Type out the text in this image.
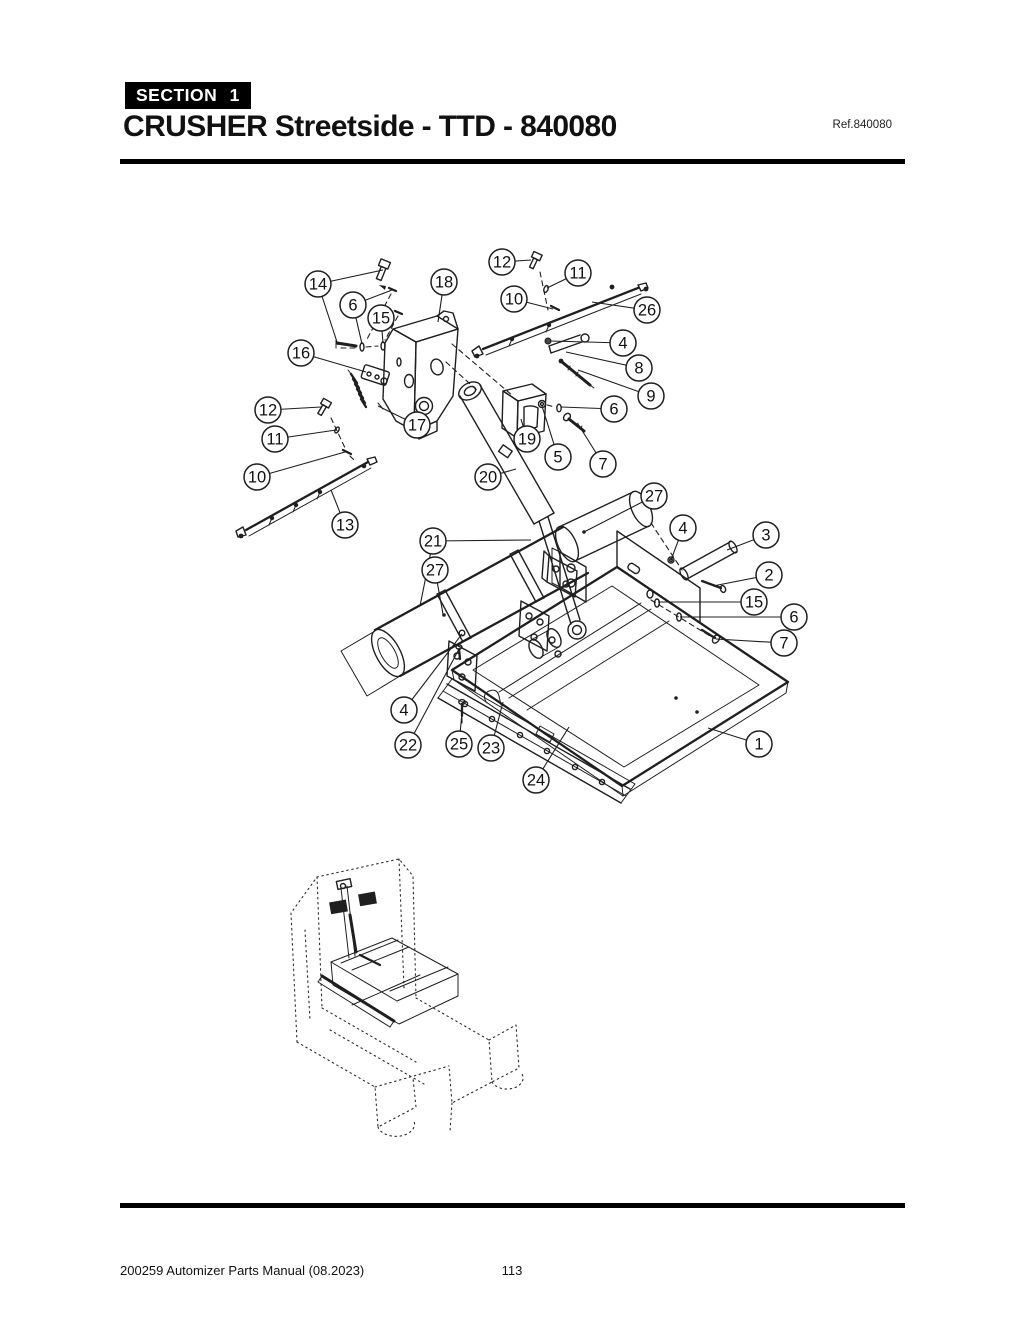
SECTION 1
CRUSHER Streetside - TTD - 840080	Ref.840080
14
6
15
18
16
17
12
11
10
13
12
11
10
26
4
8
9
6
19
5 7
20
21
27
27
4	3
2
15
6
7
4
22 25 23
24
1
200259 Automizer Parts Manual (08.2023)	113
